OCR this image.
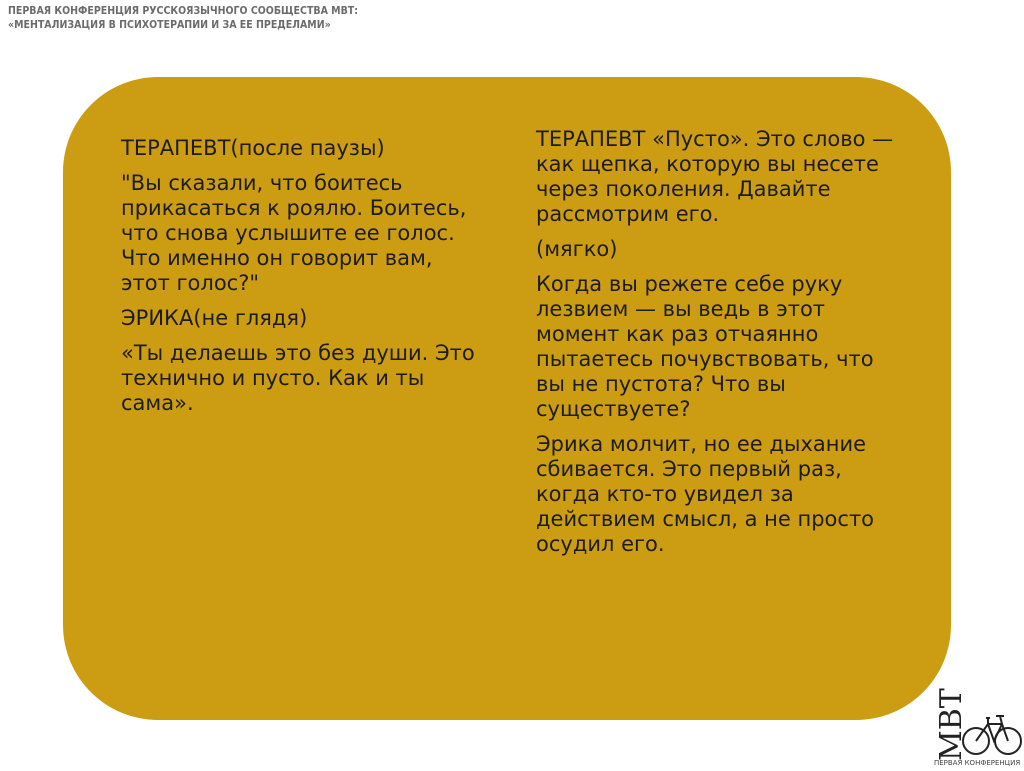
ПЕРВАЯ КОНФЕРЕНЦИЯ РУССКОЯЗЫЧНОГО СООБЩЕСТВА МВТ:
«МЕНТАЛИЗАЦИЯ В ПСИХОТЕРАПИИ И ЗА ЕЕ ПРЕДЕЛАМИ»

ТЕРАПЕВТ(после паузы)

"Вы сказали, что боитесь прикасаться к роялю. Боитесь, что снова услышите ее голос. Что именно он говорит вам, этот голос?"

ЭРИКА(не глядя)

«Ты делаешь это без души. Это технично и пусто. Как и ты сама».

ТЕРАПЕВТ «Пусто». Это слово — как щепка, которую вы несете через поколения. Давайте рассмотрим его.

(мягко)

Когда вы режете себе руку лезвием — вы ведь в этот момент как раз отчаянно пытаетесь почувствовать, что вы не пустота? Что вы существуете?

Эрика молчит, но ее дыхание сбивается. Это первый раз, когда кто-то увидел за действием смысл, а не просто осудил его.

МВТ
ПЕРВАЯ КОНФЕРЕНЦИЯ
